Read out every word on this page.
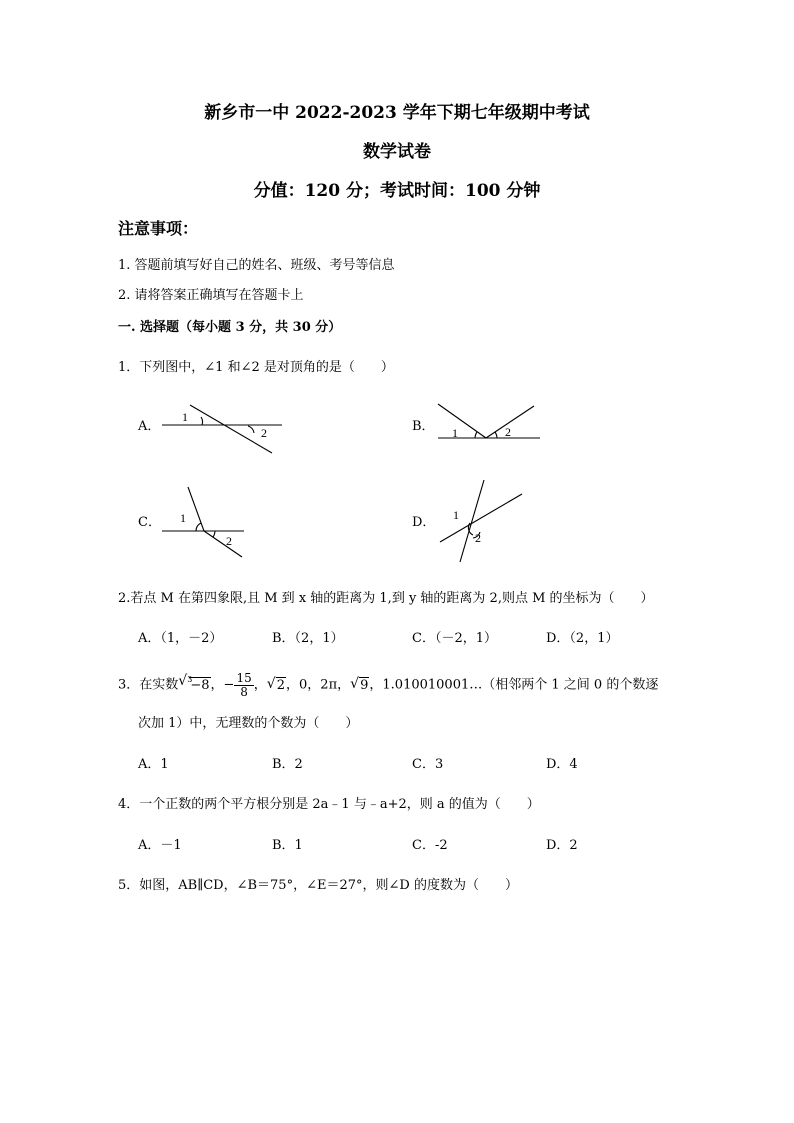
新乡市一中 2022-2023 学年下期七年级期中考试
数学试卷
分值：120 分；考试时间：100 分钟
注意事项：
1. 答题前填写好自己的姓名、班级、考号等信息
2. 请将答案正确填写在答题卡上
一. 选择题（每小题 3 分，共 30 分）
1．下列图中，∠1 和∠2 是对顶角的是（　　）
A．
1
2	B． 1	2
C． 1
2
D． 1
2
2.若点 M 在第四象限,且 M 到 x 轴的距离为 1,到 y 轴的距离为 2,则点 M 的坐标为（　　）
A．（1，－2）	B．（2，1）	C．（－2，1）	D．（2，1）
3．在实数 $^3$
√ −8，− $\frac{15}{8}$ ， √ 2，0，2π， √ 9，1.010010001…（相邻两个 1 之间 0 的个数逐
次加 1）中，无理数的个数为（　　）
A．1	B．2	C．3	D．4
4．一个正数的两个平方根分别是 2a﹣1 与﹣a+2，则 a 的值为（　　）
A．－1	B．1	C．-2	D．2
5．如图，AB∥CD，∠B＝75°，∠E＝27°，则∠D 的度数为（　　）
